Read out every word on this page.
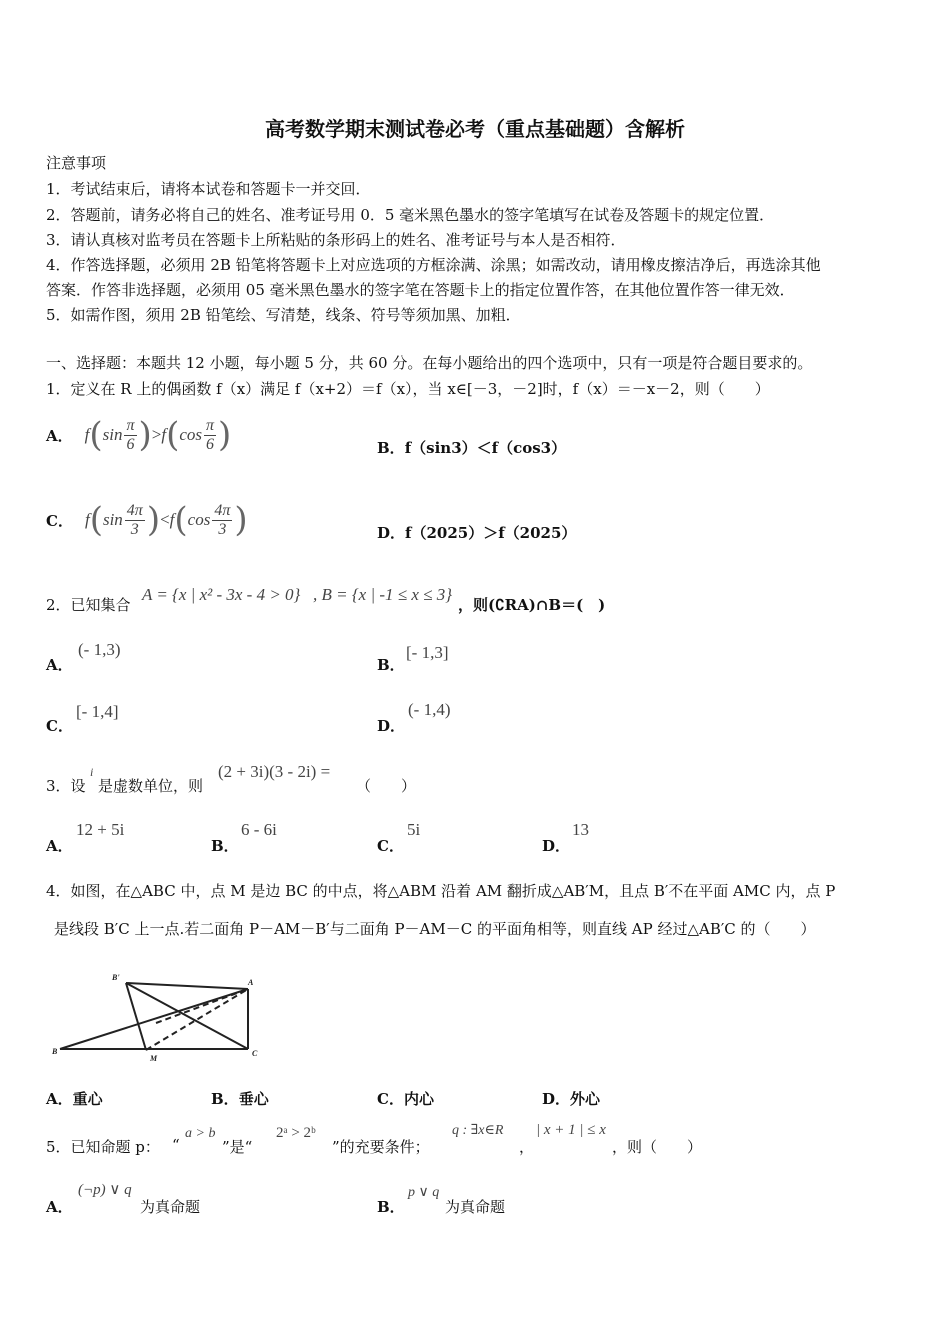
高考数学期末测试卷必考（重点基础题）含解析
注意事项
1．考试结束后，请将本试卷和答题卡一并交回．
2．答题前，请务必将自己的姓名、准考证号用 0．5 毫米黑色墨水的签字笔填写在试卷及答题卡的规定位置．
3．请认真核对监考员在答题卡上所粘贴的条形码上的姓名、准考证号与本人是否相符．
4．作答选择题，必须用 2B 铅笔将答题卡上对应选项的方框涂满、涂黑；如需改动，请用橡皮擦洁净后，再选涂其他
答案．作答非选择题，必须用 05 毫米黑色墨水的签字笔在答题卡上的指定位置作答，在其他位置作答一律无效．
5．如需作图，须用 2B 铅笔绘、写清楚，线条、符号等须加黑、加粗．
一、选择题：本题共 12 小题，每小题 5 分，共 60 分。在每小题给出的四个选项中，只有一项是符合题目要求的。
1．定义在 R 上的偶函数 f（x）满足 f（x+2）＝f（x），当 x∈[－3，－2]时，f（x）＝－x－2，则（　　）
A． f ( $\sin \frac{\pi}{6}$ ) > f ( $\cos \frac{\pi}{6}$ )	B．f（sin3）＜f（cos3）
C． f ( $\sin \frac{4\pi}{3}$ ) < f ( $\cos \frac{4\pi}{3}$ )	D．f（2025）＞f（2025）
2．已知集合
A = {x | x² - 3x - 4 > 0} , B = {x | -1 ≤ x ≤ 3}
，则(∁RA)∩B＝(　)
A．
(- 1,3)
B．
[- 1,3]
C．
[- 1,4]
D．
(- 1,4)
3．设
i
是虚数单位，则
(2 + 3i)(3 - 2i) =
（　　）
A．
12 + 5i
B．
6 - 6i
C．
5i
D．
13
4．如图，在△ABC 中，点 M 是边 BC 的中点，将△ABM 沿着 AM 翻折成△AB′M，且点 B′不在平面 AMC 内，点 P
是线段 B′C 上一点.若二面角 P－AM－B′与二面角 P－AM－C 的平面角相等，则直线 AP 经过△AB′C 的（　　）
B'
A
B
M
C
A．重心	B．垂心	C．内心	D．外心
5．已知命题 p： “
a > b
”是“
2ᵃ > 2ᵇ
”的充要条件；
q : ∃x∈R
，
| x + 1 | ≤ x
，则（　　）
A．
(¬p) ∨ q
为真命题	B．
p ∨ q
为真命题
